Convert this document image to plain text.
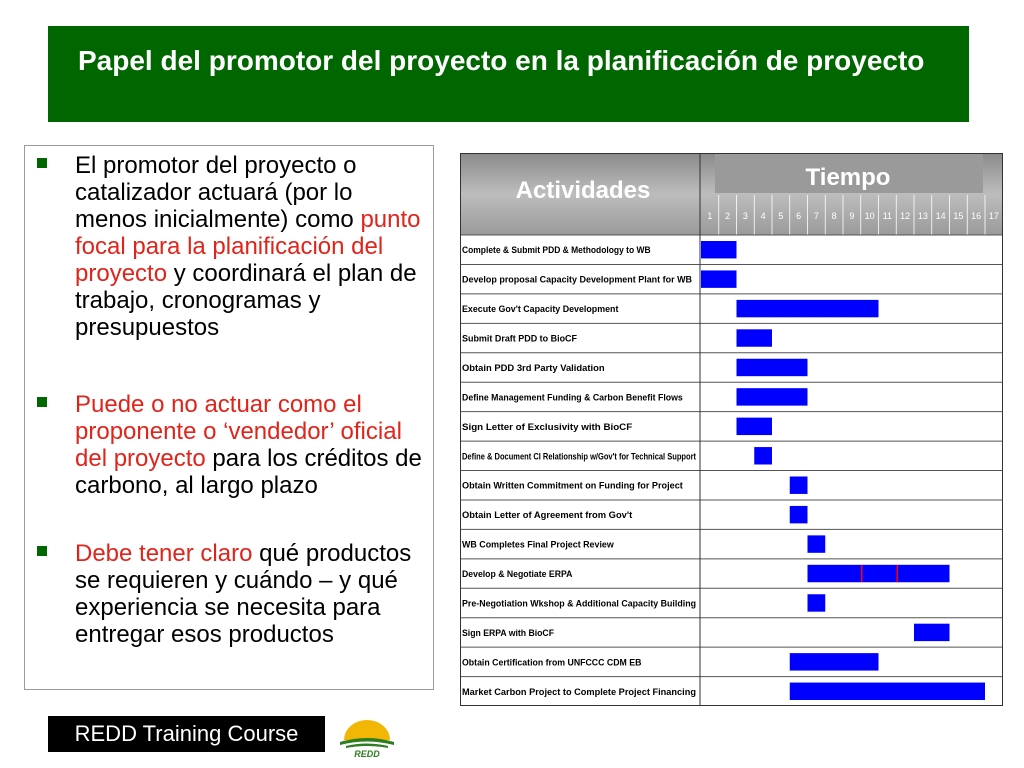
Papel del promotor del proyecto en la planificación de proyecto
El promotor del proyecto o catalizador actuará (por lo menos inicialmente) como punto focal para la planificación del proyecto y coordinará el plan de trabajo, cronogramas y presupuestos
Puede o no actuar como el proponente o ‘vendedor’ oficial del proyecto para los créditos de carbono, al largo plazo
Debe tener claro qué productos se requieren y cuándo – y qué experiencia se necesita para entregar esos productos
Actividades	Tiempo
1 2 3 4 5 6 7 8 9 10 11 12 13 14 15 16 17
Complete & Submit PDD & Methodology to WB
Develop proposal Capacity Development Plant for WB
Execute Gov't Capacity Development
Submit Draft PDD to BioCF
Obtain PDD 3rd Party Validation
Define Management Funding & Carbon Benefit Flows
Sign Letter of Exclusivity with BioCF
Define & Document CI Relationship w/Gov't for Technical Support
Obtain Written Commitment on Funding for Project
Obtain Letter of Agreement from Gov't
WB Completes Final Project Review
Develop & Negotiate ERPA
Pre-Negotiation Wkshop & Additional Capacity Building
Sign ERPA with BioCF
Obtain Certification from UNFCCC CDM EB
Market Carbon Project to Complete Project Financing
REDD Training Course
REDD
